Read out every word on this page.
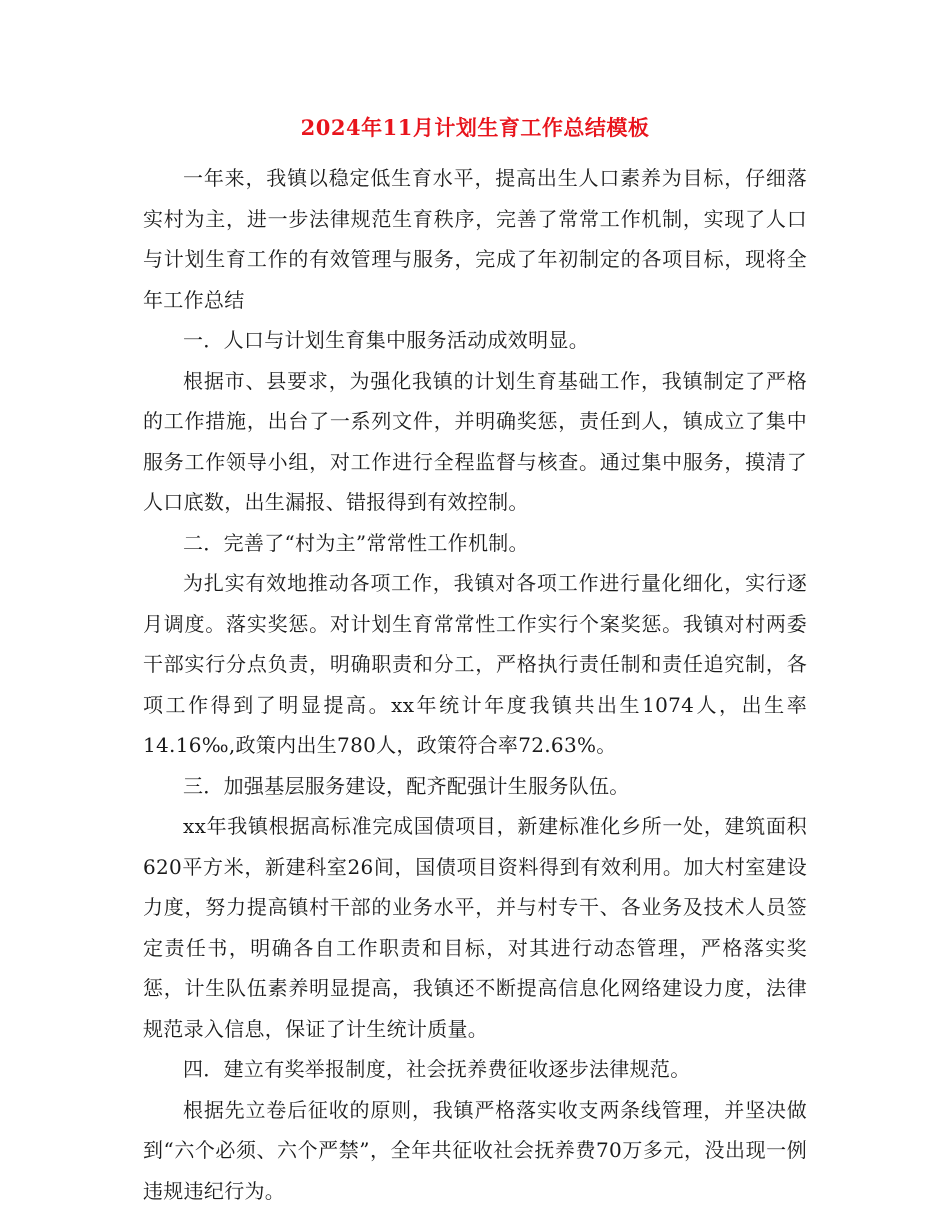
2024年11月计划生育工作总结模板

一年来，我镇以稳定低生育水平，提高出生人口素养为目标，仔细落实村为主，进一步法律规范生育秩序，完善了常常工作机制，实现了人口与计划生育工作的有效管理与服务，完成了年初制定的各项目标，现将全年工作总结

一．人口与计划生育集中服务活动成效明显。

根据市、县要求，为强化我镇的计划生育基础工作，我镇制定了严格的工作措施，出台了一系列文件，并明确奖惩，责任到人，镇成立了集中服务工作领导小组，对工作进行全程监督与核查。通过集中服务，摸清了人口底数，出生漏报、错报得到有效控制。

二．完善了“村为主”常常性工作机制。

为扎实有效地推动各项工作，我镇对各项工作进行量化细化，实行逐月调度。落实奖惩。对计划生育常常性工作实行个案奖惩。我镇对村两委干部实行分点负责，明确职责和分工，严格执行责任制和责任追究制，各项工作得到了明显提高。xx年统计年度我镇共出生1074人，出生率14.16‰,政策内出生780人，政策符合率72.63%。

三．加强基层服务建设，配齐配强计生服务队伍。

xx年我镇根据高标准完成国债项目，新建标准化乡所一处，建筑面积620平方米，新建科室26间，国债项目资料得到有效利用。加大村室建设力度，努力提高镇村干部的业务水平，并与村专干、各业务及技术人员签定责任书，明确各自工作职责和目标，对其进行动态管理，严格落实奖惩，计生队伍素养明显提高，我镇还不断提高信息化网络建设力度，法律规范录入信息，保证了计生统计质量。

四．建立有奖举报制度，社会抚养费征收逐步法律规范。

根据先立卷后征收的原则，我镇严格落实收支两条线管理，并坚决做到“六个必须、六个严禁”，全年共征收社会抚养费70万多元，没出现一例违规违纪行为。
